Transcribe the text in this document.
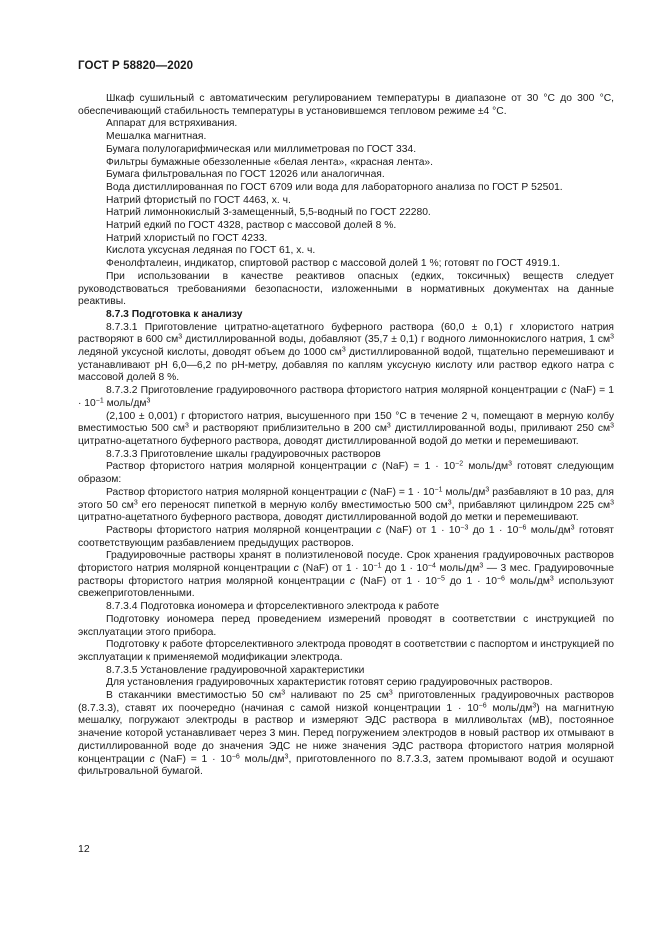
ГОСТ Р 58820—2020

Шкаф сушильный с автоматическим регулированием температуры в диапазоне от 30 °C до 300 °C, обеспечивающий стабильность температуры в установившемся тепловом режиме ±4 °C.

Аппарат для встряхивания.

Мешалка магнитная.

Бумага полулогарифмическая или миллиметровая по ГОСТ 334.

Фильтры бумажные обеззоленные «белая лента», «красная лента».

Бумага фильтровальная по ГОСТ 12026 или аналогичная.

Вода дистиллированная по ГОСТ 6709 или вода для лабораторного анализа по ГОСТ Р 52501.

Натрий фтористый по ГОСТ 4463, х. ч.

Натрий лимоннокислый 3-замещенный, 5,5-водный по ГОСТ 22280.

Натрий едкий по ГОСТ 4328, раствор с массовой долей 8 %.

Натрий хлористый по ГОСТ 4233.

Кислота уксусная ледяная по ГОСТ 61, х. ч.

Фенолфталеин, индикатор, спиртовой раствор с массовой долей 1 %; готовят по ГОСТ 4919.1.

При использовании в качестве реактивов опасных (едких, токсичных) веществ следует руководствоваться требованиями безопасности, изложенными в нормативных документах на данные реактивы.

8.7.3 Подготовка к анализу

8.7.3.1 Приготовление цитратно-ацетатного буферного раствора (60,0 ± 0,1) г хлористого натрия растворяют в 600 $см^3$ дистиллированной воды, добавляют (35,7 ± 0,1) г водного лимоннокислого натрия, 1 $см^3$ ледяной уксусной кислоты, доводят объем до 1000 $см^3$ дистиллированной водой, тщательно перемешивают и устанавливают рН 6,0—6,2 по рН-метру, добавляя по каплям уксусную кислоту или раствор едкого натра с массовой долей 8 %.

8.7.3.2 Приготовление градуировочного раствора фтористого натрия молярной концентрации c $(NaF) = 1 \cdot 10^{-1}$ моль/$дм^3$

(2,100 ± 0,001) г фтористого натрия, высушенного при 150 °C в течение 2 ч, помещают в мерную колбу вместимостью 500 $см^3$ и растворяют приблизительно в 200 $см^3$ дистиллированной воды, приливают 250 $см^3$ цитратно-ацетатного буферного раствора, доводят дистиллированной водой до метки и перемешивают.

8.7.3.3 Приготовление шкалы градуировочных растворов

Раствор фтористого натрия молярной концентрации c $(NaF) = 1 \cdot 10^{-2}$ моль/$дм^3$ готовят следующим образом:

Раствор фтористого натрия молярной концентрации c $(NaF) = 1 \cdot 10^{-1}$ моль/$дм^3$ разбавляют в 10 раз, для этого 50 $см^3$ его переносят пипеткой в мерную колбу вместимостью 500 $см^3$, прибавляют цилиндром 225 $см^3$ цитратно-ацетатного буферного раствора, доводят дистиллированной водой до метки и перемешивают.

Растворы фтористого натрия молярной концентрации c (NaF) от $1 \cdot 10^{-3}$ до $1 \cdot 10^{-6}$ моль/$дм^3$ готовят соответствующим разбавлением предыдущих растворов.

Градуировочные растворы хранят в полиэтиленовой посуде. Срок хранения градуировочных растворов фтористого натрия молярной концентрации c (NaF) от $1 \cdot 10^{-1}$ до $1 \cdot 10^{-4}$ моль/$дм^3$ — 3 мес. Градуировочные растворы фтористого натрия молярной концентрации c (NaF) от $1 \cdot 10^{-5}$ до $1 \cdot 10^{-6}$ моль/$дм^3$ используют свежеприготовленными.

8.7.3.4 Подготовка иономера и фторселективного электрода к работе

Подготовку иономера перед проведением измерений проводят в соответствии с инструкцией по эксплуатации этого прибора.

Подготовку к работе фторселективного электрода проводят в соответствии с паспортом и инструкцией по эксплуатации к применяемой модификации электрода.

8.7.3.5 Установление градуировочной характеристики

Для установления градуировочных характеристик готовят серию градуировочных растворов.

В стаканчики вместимостью 50 $см^3$ наливают по 25 $см^3$ приготовленных градуировочных растворов (8.7.3.3), ставят их поочередно (начиная с самой низкой концентрации $1 \cdot 10^{-6}$ моль/$дм^3$) на магнитную мешалку, погружают электроды в раствор и измеряют ЭДС раствора в милливольтах (мВ), постоянное значение которой устанавливает через 3 мин. Перед погружением электродов в новый раствор их отмывают в дистиллированной воде до значения ЭДС не ниже значения ЭДС раствора фтористого натрия молярной концентрации c $(NaF) = 1 \cdot 10^{-6}$ моль/$дм^3$, приготовленного по 8.7.3.3, затем промывают водой и осушают фильтровальной бумагой.

12
